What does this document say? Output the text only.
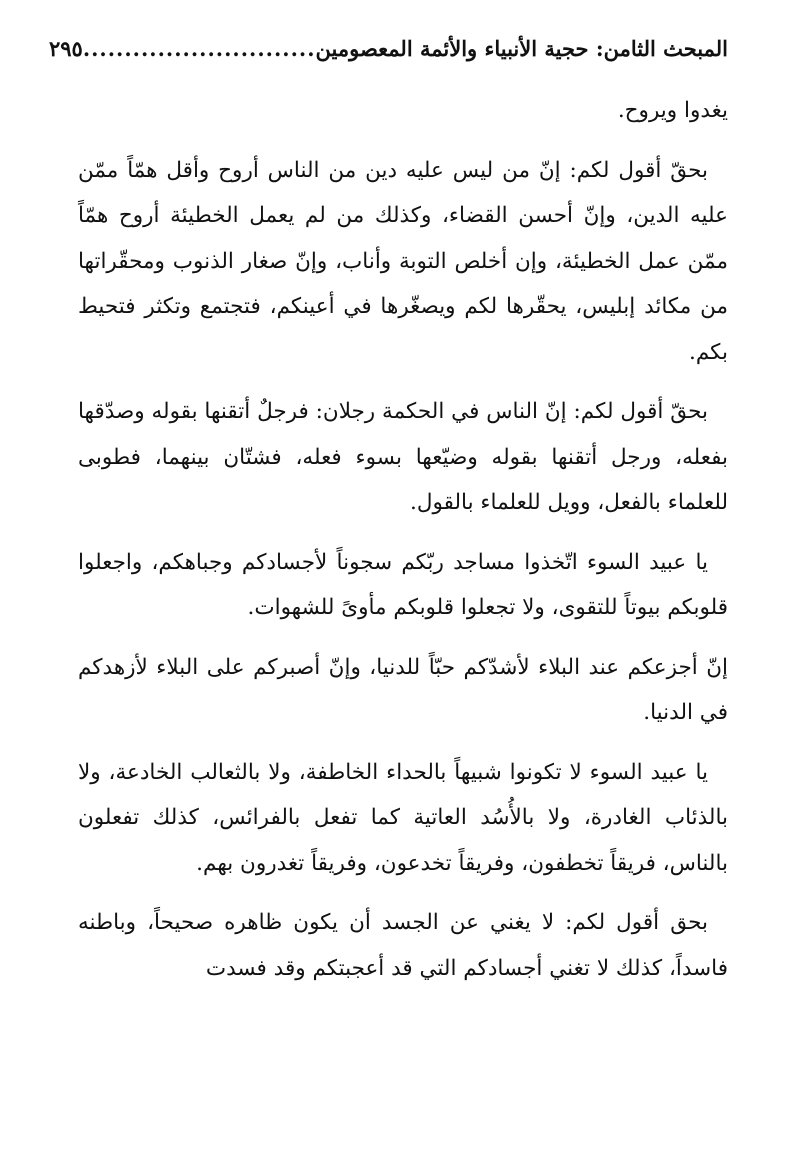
المبحث الثامن: حجية الأنبياء والأئمة المعصومين
............................
٢٩٥

يغدوا ويروح.

بحقّ أقول لكم: إنّ من ليس عليه دين من الناس أروح وأقل همّاً ممّن عليه الدين، وإنّ أحسن القضاء، وكذلك من لم يعمل الخطيئة أروح همّاً ممّن عمل الخطيئة، وإن أخلص التوبة وأناب، وإنّ صغار الذنوب ومحقّراتها من مكائد إبليس، يحقّرها لكم ويصغّرها في أعينكم، فتجتمع وتكثر فتحيط بكم.

بحقّ أقول لكم: إنّ الناس في الحكمة رجلان: فرجلٌ أتقنها بقوله وصدّقها بفعله، ورجل أتقنها بقوله وضيّعها بسوء فعله، فشتّان بينهما، فطوبى للعلماء بالفعل، وويل للعلماء بالقول.

يا عبيد السوء اتّخذوا مساجد ربّكم سجوناً لأجسادكم وجباهكم، واجعلوا قلوبكم بيوتاً للتقوى، ولا تجعلوا قلوبكم مأوىً للشهوات.

إنّ أجزعكم عند البلاء لأشدّكم حبّاً للدنيا، وإنّ أصبركم على البلاء لأزهدكم في الدنيا.

يا عبيد السوء لا تكونوا شبيهاً بالحداء الخاطفة، ولا بالثعالب الخادعة، ولا بالذئاب الغادرة، ولا بالأُسُد العاتية كما تفعل بالفرائس، كذلك تفعلون بالناس، فريقاً تخطفون، وفريقاً تخدعون، وفريقاً تغدرون بهم.

بحق أقول لكم: لا يغني عن الجسد أن يكون ظاهره صحيحاً، وباطنه فاسداً، كذلك لا تغني أجسادكم التي قد أعجبتكم وقد فسدت
